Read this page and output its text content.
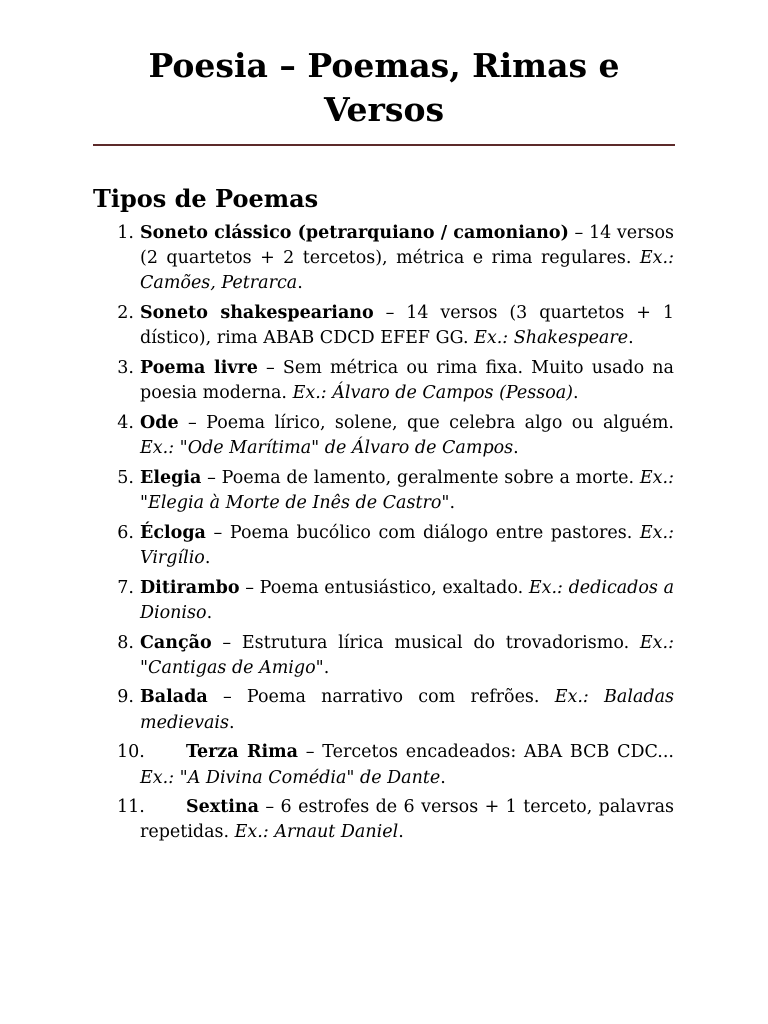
Poesia – Poemas, Rimas e Versos
Tipos de Poemas
1. Soneto clássico (petrarquiano / camoniano) – 14 versos (2 quartetos + 2 tercetos), métrica e rima regulares. Ex.: Camões, Petrarca.
2. Soneto shakespeariano – 14 versos (3 quartetos + 1 dístico), rima ABAB CDCD EFEF GG. Ex.: Shakespeare.
3. Poema livre – Sem métrica ou rima fixa. Muito usado na poesia moderna. Ex.: Álvaro de Campos (Pessoa).
4. Ode – Poema lírico, solene, que celebra algo ou alguém. Ex.: "Ode Marítima" de Álvaro de Campos.
5. Elegia – Poema de lamento, geralmente sobre a morte. Ex.: "Elegia à Morte de Inês de Castro".
6. Écloga – Poema bucólico com diálogo entre pastores. Ex.: Virgílio.
7. Ditirambo – Poema entusiástico, exaltado. Ex.: dedicados a Dioniso.
8. Canção – Estrutura lírica musical do trovadorismo. Ex.: "Cantigas de Amigo".
9. Balada – Poema narrativo com refrões. Ex.: Baladas medievais.
10.	Terza Rima – Tercetos encadeados: ABA BCB CDC... Ex.: "A Divina Comédia" de Dante.
11.	Sextina – 6 estrofes de 6 versos + 1 terceto, palavras repetidas. Ex.: Arnaut Daniel.
